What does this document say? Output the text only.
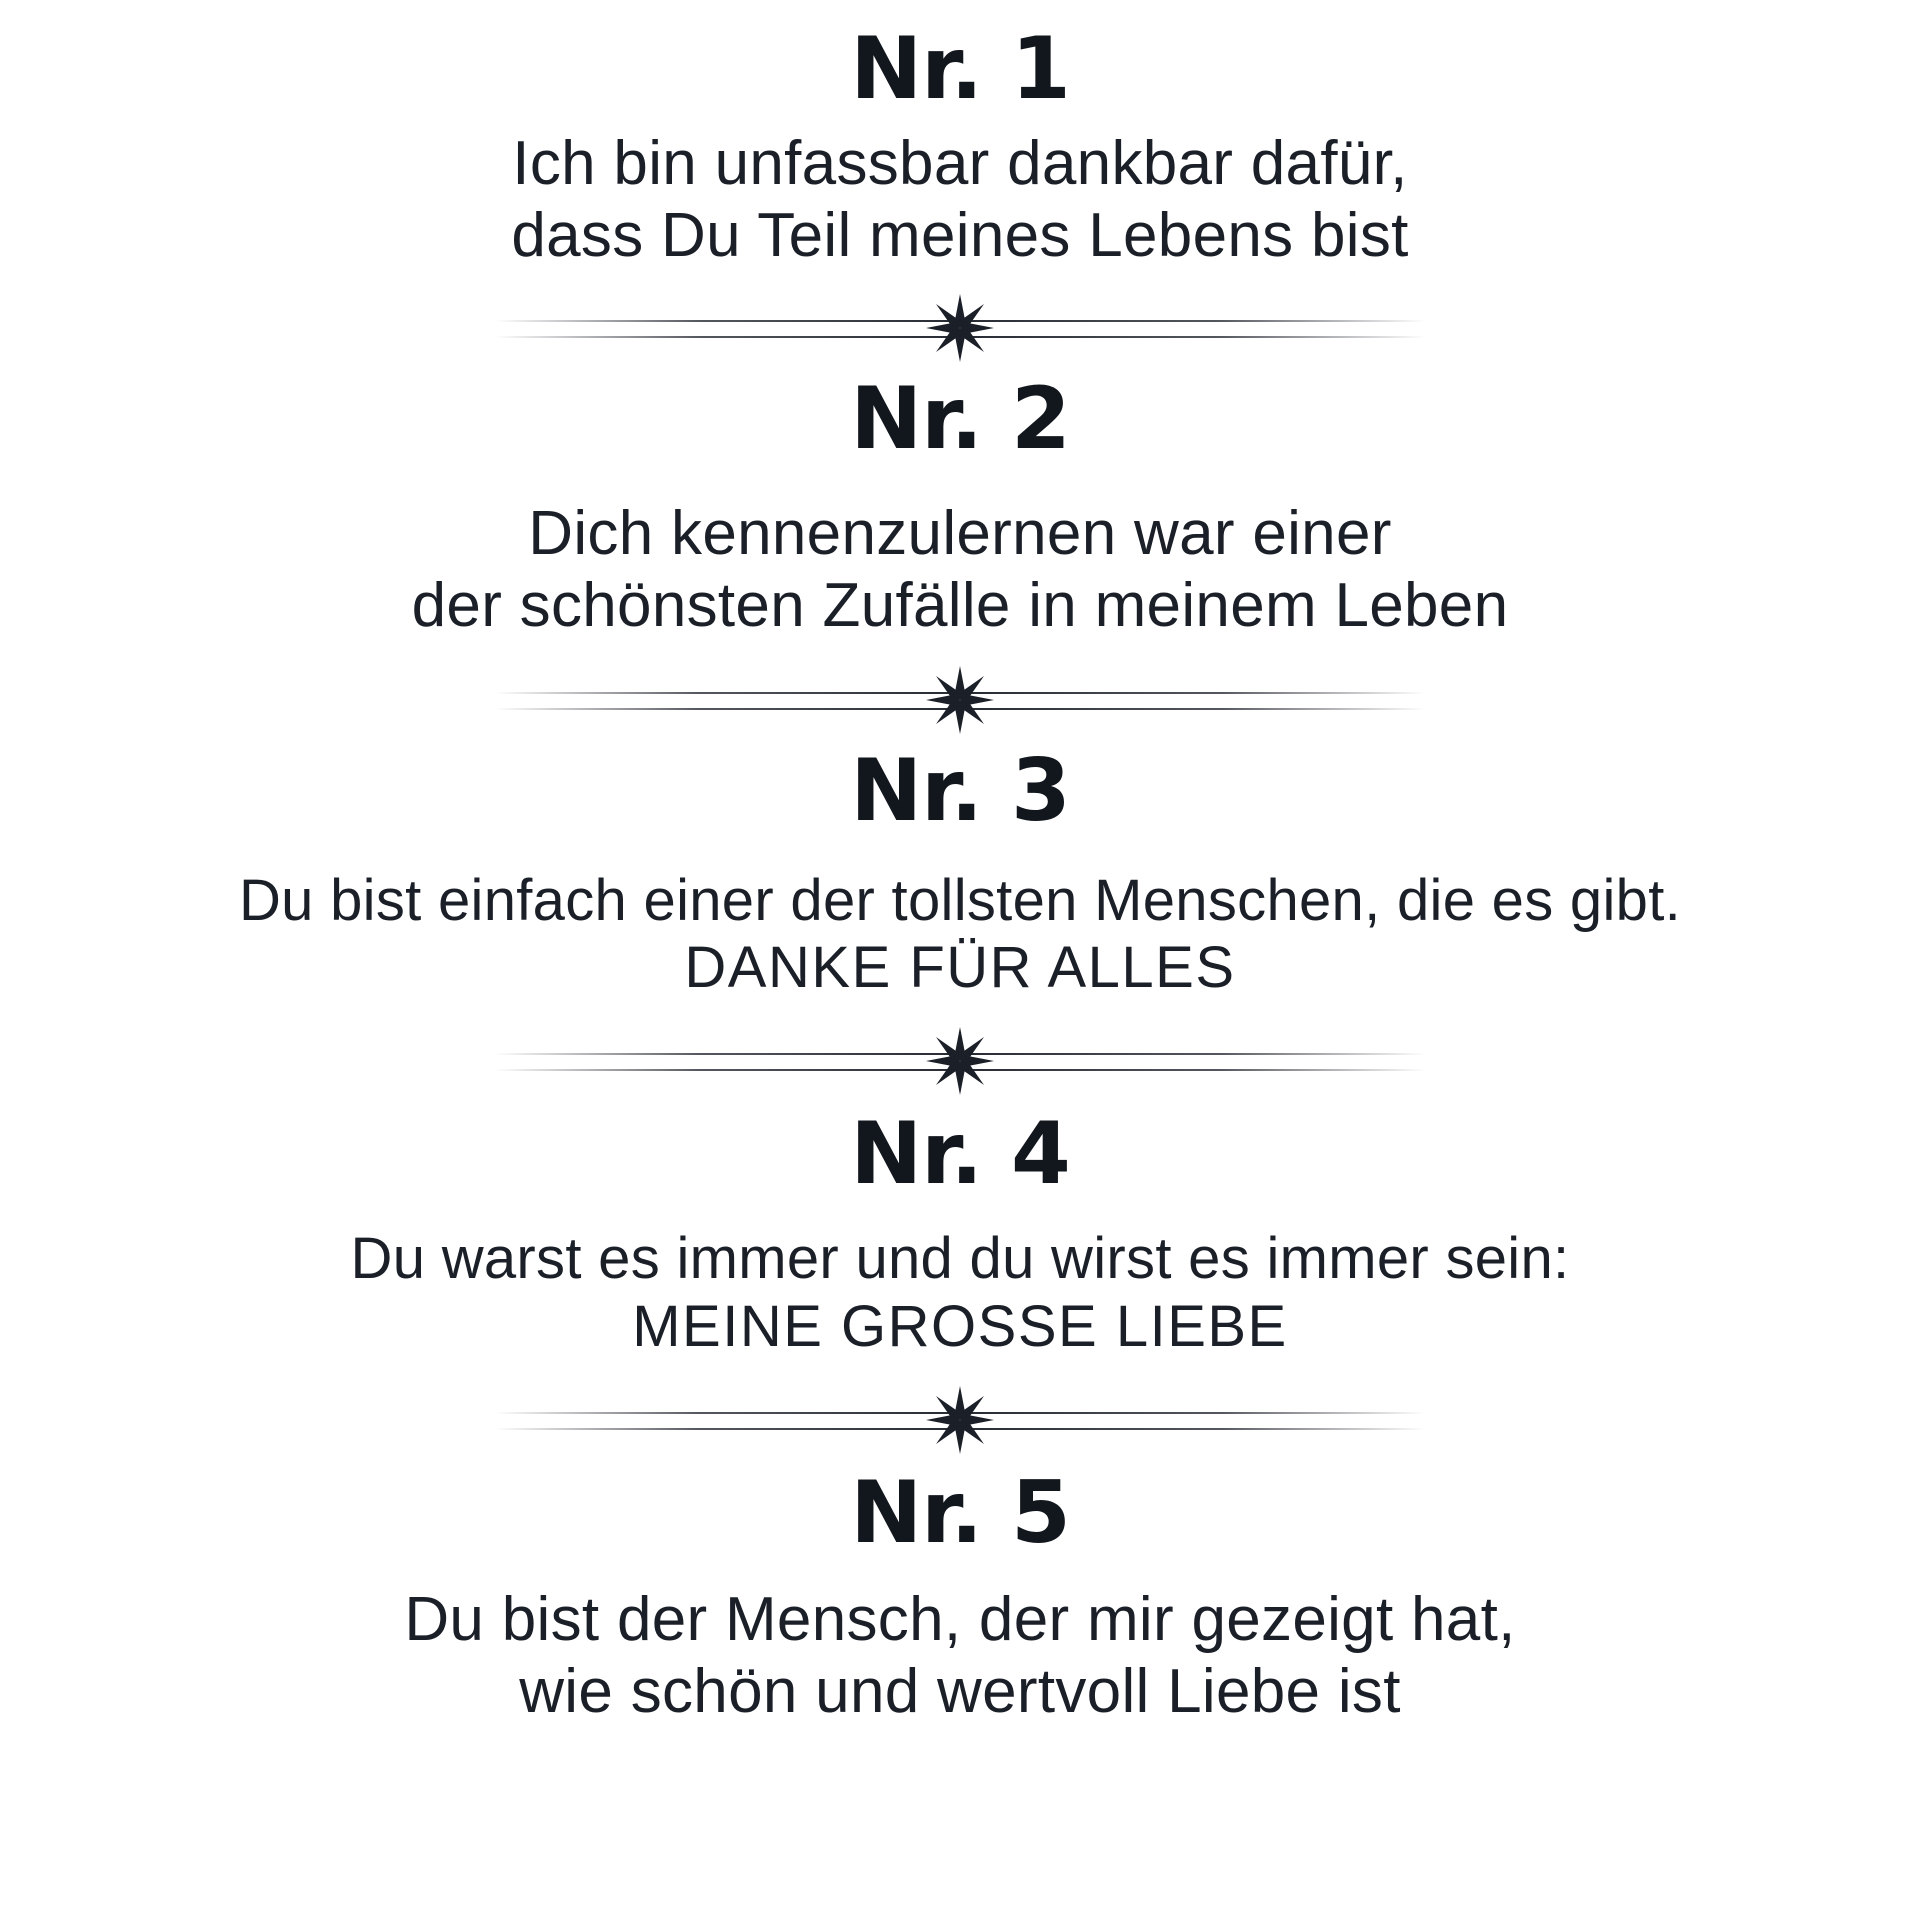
Nr. 1
Ich bin unfassbar dankbar dafür,
dass Du Teil meines Lebens bist
Nr. 2
Dich kennenzulernen war einer
der schönsten Zufälle in meinem Leben
Nr. 3
Du bist einfach einer der tollsten Menschen, die es gibt.
DANKE FÜR ALLES
Nr. 4
Du warst es immer und du wirst es immer sein:
MEINE GROSSE LIEBE
Nr. 5
Du bist der Mensch, der mir gezeigt hat,
wie schön und wertvoll Liebe ist
